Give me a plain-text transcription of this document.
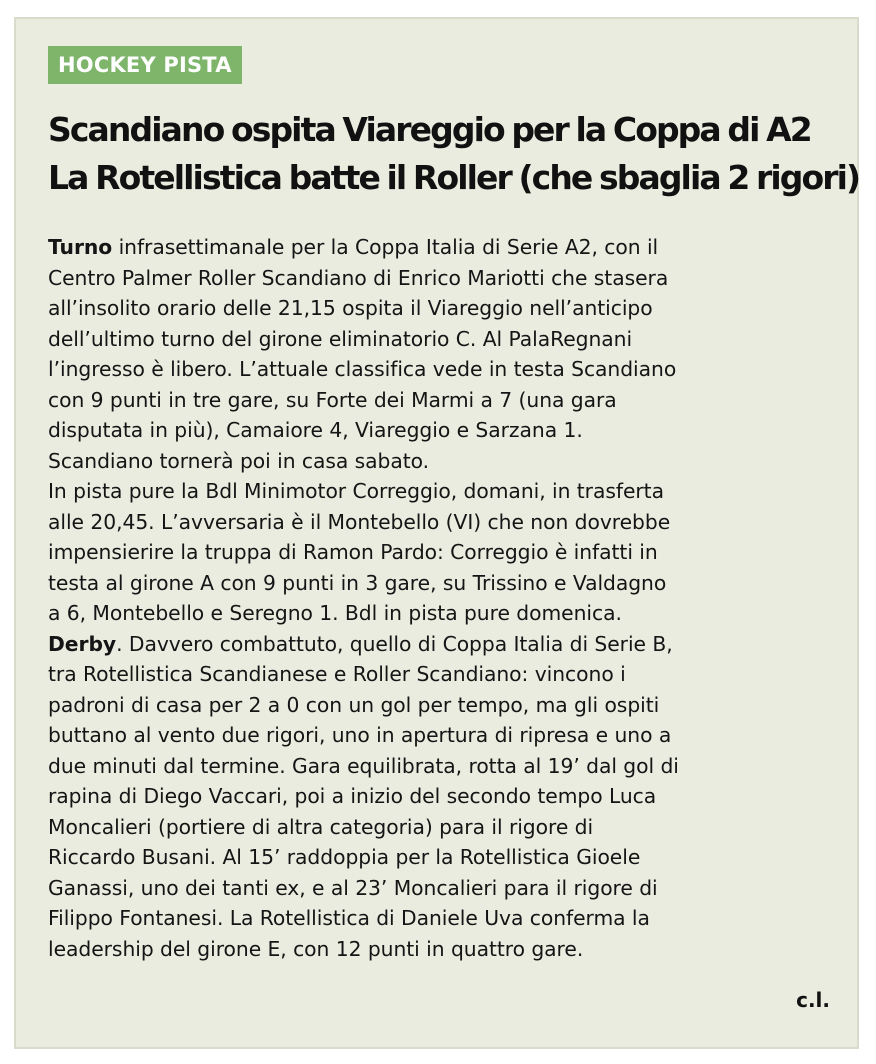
HOCKEY PISTA
Scandiano ospita Viareggio per la Coppa di A2
La Rotellistica batte il Roller (che sbaglia 2 rigori)
Turno infrasettimanale per la Coppa Italia di Serie A2, con il
Centro Palmer Roller Scandiano di Enrico Mariotti che stasera
all’insolito orario delle 21,15 ospita il Viareggio nell’anticipo
dell’ultimo turno del girone eliminatorio C. Al PalaRegnani
l’ingresso è libero. L’attuale classifica vede in testa Scandiano
con 9 punti in tre gare, su Forte dei Marmi a 7 (una gara
disputata in più), Camaiore 4, Viareggio e Sarzana 1.
Scandiano tornerà poi in casa sabato.
In pista pure la Bdl Minimotor Correggio, domani, in trasferta
alle 20,45. L’avversaria è il Montebello (VI) che non dovrebbe
impensierire la truppa di Ramon Pardo: Correggio è infatti in
testa al girone A con 9 punti in 3 gare, su Trissino e Valdagno
a 6, Montebello e Seregno 1. Bdl in pista pure domenica.
Derby. Davvero combattuto, quello di Coppa Italia di Serie B,
tra Rotellistica Scandianese e Roller Scandiano: vincono i
padroni di casa per 2 a 0 con un gol per tempo, ma gli ospiti
buttano al vento due rigori, uno in apertura di ripresa e uno a
due minuti dal termine. Gara equilibrata, rotta al 19’ dal gol di
rapina di Diego Vaccari, poi a inizio del secondo tempo Luca
Moncalieri (portiere di altra categoria) para il rigore di
Riccardo Busani. Al 15’ raddoppia per la Rotellistica Gioele
Ganassi, uno dei tanti ex, e al 23’ Moncalieri para il rigore di
Filippo Fontanesi. La Rotellistica di Daniele Uva conferma la
leadership del girone E, con 12 punti in quattro gare.
c.l.
